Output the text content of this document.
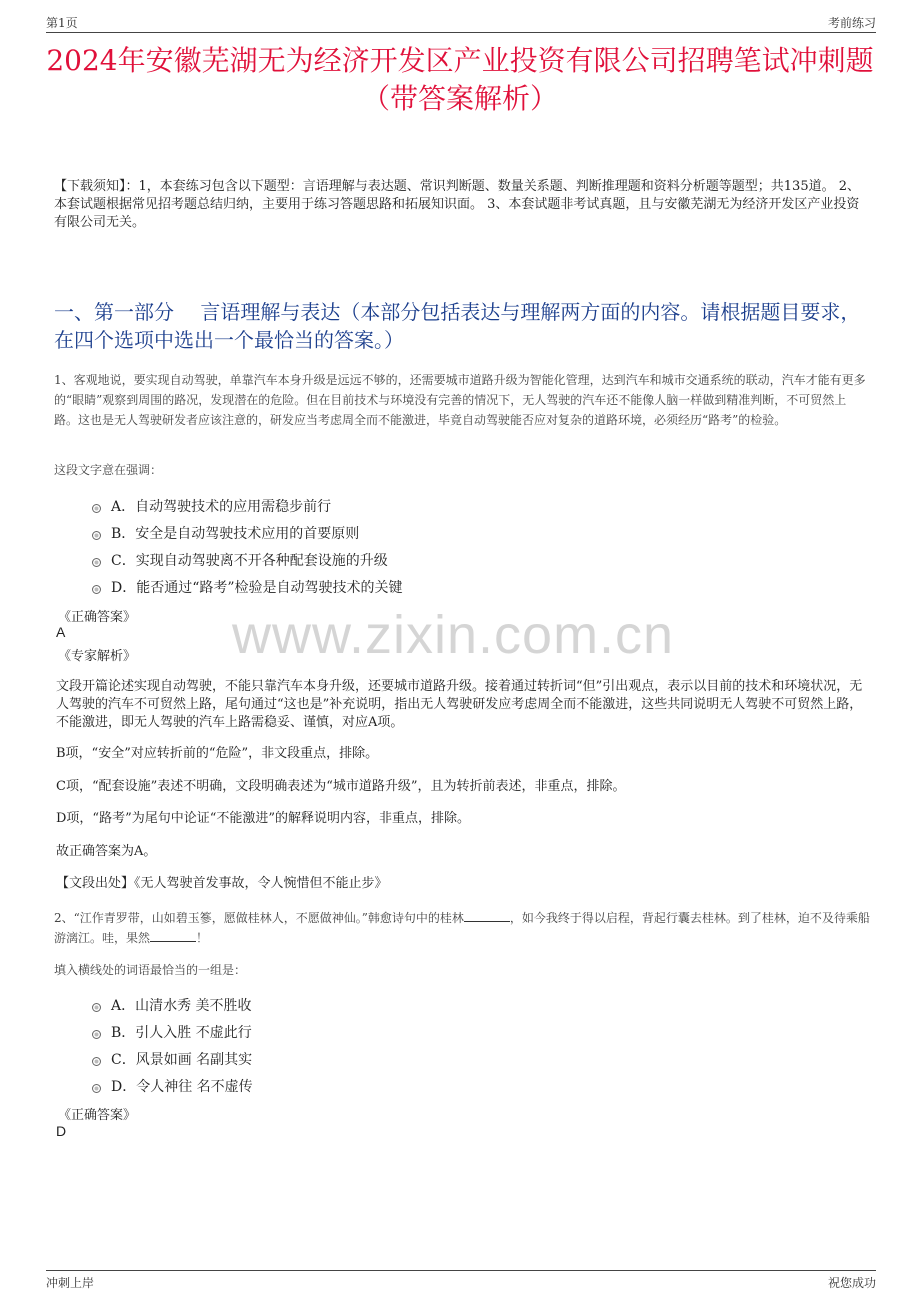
第1页	考前练习
2024年安徽芜湖无为经济开发区产业投资有限公司招聘笔试冲刺题（带答案解析）
【下载须知】：1，本套练习包含以下题型：言语理解与表达题、常识判断题、数量关系题、判断推理题和资料分析题等题型；共135道。 2、本套试题根据常见招考题总结归纳，主要用于练习答题思路和拓展知识面。 3、本套试题非考试真题，且与安徽芜湖无为经济开发区产业投资有限公司无关。
一、第一部分　 言语理解与表达（本部分包括表达与理解两方面的内容。请根据题目要求，在四个选项中选出一个最恰当的答案。）
1、客观地说，要实现自动驾驶，单靠汽车本身升级是远远不够的，还需要城市道路升级为智能化管理，达到汽车和城市交通系统的联动，汽车才能有更多的“眼睛”观察到周围的路况，发现潜在的危险。但在目前技术与环境没有完善的情况下，无人驾驶的汽车还不能像人脑一样做到精准判断，不可贸然上路。这也是无人驾驶研发者应该注意的，研发应当考虑周全而不能激进，毕竟自动驾驶能否应对复杂的道路环境，必须经历“路考”的检验。
这段文字意在强调：
A．自动驾驶技术的应用需稳步前行
B．安全是自动驾驶技术应用的首要原则
C．实现自动驾驶离不开各种配套设施的升级
D．能否通过“路考”检验是自动驾驶技术的关键
《正确答案》
A
《专家解析》 www.zixin.com.cn
文段开篇论述实现自动驾驶，不能只靠汽车本身升级，还要城市道路升级。接着通过转折词“但”引出观点，表示以目前的技术和环境状况，无人驾驶的汽车不可贸然上路，尾句通过“这也是”补充说明，指出无人驾驶研发应考虑周全而不能激进，这些共同说明无人驾驶不可贸然上路，不能激进，即无人驾驶的汽车上路需稳妥、谨慎，对应A项。
B项，“安全”对应转折前的“危险”，非文段重点，排除。
C项，“配套设施”表述不明确，文段明确表述为“城市道路升级”，且为转折前表述，非重点，排除。
D项，“路考”为尾句中论证“不能激进”的解释说明内容，非重点，排除。
故正确答案为A。
【文段出处】《无人驾驶首发事故，令人惋惜但不能止步》
2、“江作青罗带，山如碧玉篸，愿做桂林人，不愿做神仙。”韩愈诗句中的桂林	，如今我终于得以启程，背起行囊去桂林。到了桂林，迫不及待乘船游漓江。哇，果然	！
填入横线处的词语最恰当的一组是：
A．山清水秀 美不胜收
B．引人入胜 不虚此行
C．风景如画 名副其实
D．令人神往 名不虚传
《正确答案》
D
冲刺上岸	祝您成功
